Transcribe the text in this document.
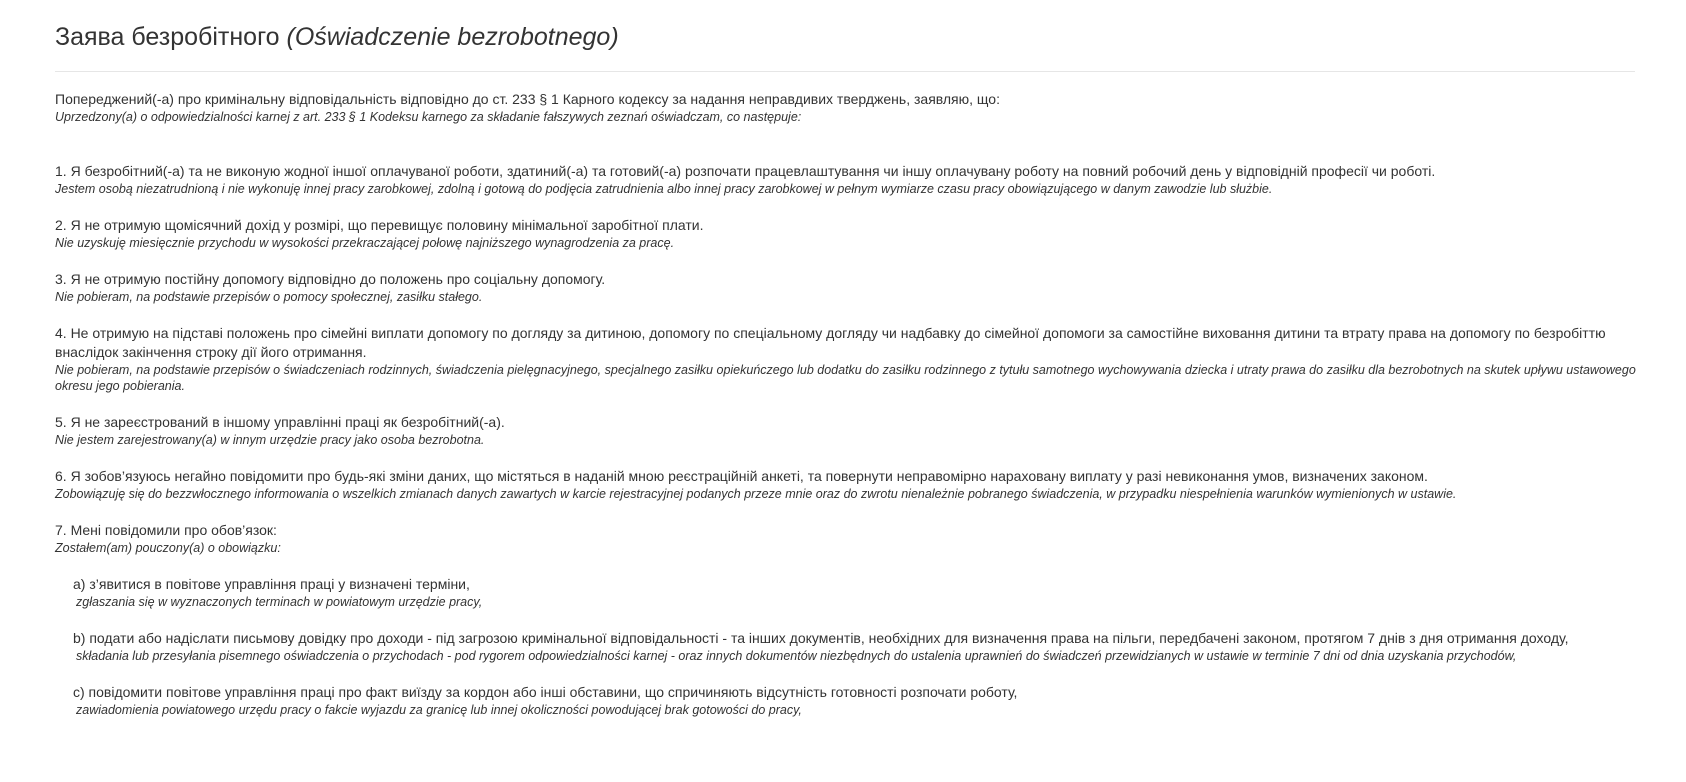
Заява безробітного (Oświadczenie bezrobotnego)
Попереджений(-а) про кримінальну відповідальність відповідно до ст. 233 § 1 Карного кодексу за надання неправдивих тверджень, заявляю, що:
Uprzedzony(a) o odpowiedzialności karnej z art. 233 § 1 Kodeksu karnego za składanie fałszywych zeznań oświadczam, co następuje:
1. Я безробітний(-а) та не виконую жодної іншої оплачуваної роботи, здатиний(-а) та готовий(-а) розпочати працевлаштування чи іншу оплачувану роботу на повний робочий день у відповідній професії чи роботі.
Jestem osobą niezatrudnioną i nie wykonuję innej pracy zarobkowej, zdolną i gotową do podjęcia zatrudnienia albo innej pracy zarobkowej w pełnym wymiarze czasu pracy obowiązującego w danym zawodzie lub służbie.
2. Я не отримую щомісячний дохід у розмірі, що перевищує половину мінімальної заробітної плати.
Nie uzyskuję miesięcznie przychodu w wysokości przekraczającej połowę najniższego wynagrodzenia za pracę.
3. Я не отримую постійну допомогу відповідно до положень про соціальну допомогу.
Nie pobieram, na podstawie przepisów o pomocy społecznej, zasiłku stałego.
4. Не отримую на підставі положень про сімейні виплати допомогу по догляду за дитиною, допомогу по спеціальному догляду чи надбавку до сімейної допомоги за самостійне виховання дитини та втрату права на допомогу по безробіттю внаслідок закінчення строку дії його отримання.
Nie pobieram, na podstawie przepisów o świadczeniach rodzinnych, świadczenia pielęgnacyjnego, specjalnego zasiłku opiekuńczego lub dodatku do zasiłku rodzinnego z tytułu samotnego wychowywania dziecka i utraty prawa do zasiłku dla bezrobotnych na skutek upływu ustawowego okresu jego pobierania.
5. Я не зареєстрований в іншому управлінні праці як безробітний(-а).
Nie jestem zarejestrowany(a) w innym urzędzie pracy jako osoba bezrobotna.
6. Я зобов’язуюсь негайно повідомити про будь-які зміни даних, що містяться в наданій мною реєстраційній анкеті, та повернути неправомірно нараховану виплату у разі невиконання умов, визначених законом.
Zobowiązuję się do bezzwłocznego informowania o wszelkich zmianach danych zawartych w karcie rejestracyjnej podanych przeze mnie oraz do zwrotu nienależnie pobranego świadczenia, w przypadku niespełnienia warunków wymienionych w ustawie.
7. Мені повідомили про обов’язок:
Zostałem(am) pouczony(a) o obowiązku:
a) з’явитися в повітове управління праці у визначені терміни,
zgłaszania się w wyznaczonych terminach w powiatowym urzędzie pracy,
b) подати або надіслати письмову довідку про доходи - під загрозою кримінальної відповідальності - та інших документів, необхідних для визначення права на пільги, передбачені законом, протягом 7 днів з дня отримання доходу,
składania lub przesyłania pisemnego oświadczenia o przychodach - pod rygorem odpowiedzialności karnej - oraz innych dokumentów niezbędnych do ustalenia uprawnień do świadczeń przewidzianych w ustawie w terminie 7 dni od dnia uzyskania przychodów,
c) повідомити повітове управління праці про факт виїзду за кордон або інші обставини, що спричиняють відсутність готовності розпочати роботу,
zawiadomienia powiatowego urzędu pracy o fakcie wyjazdu za granicę lub innej okoliczności powodującej brak gotowości do pracy,
